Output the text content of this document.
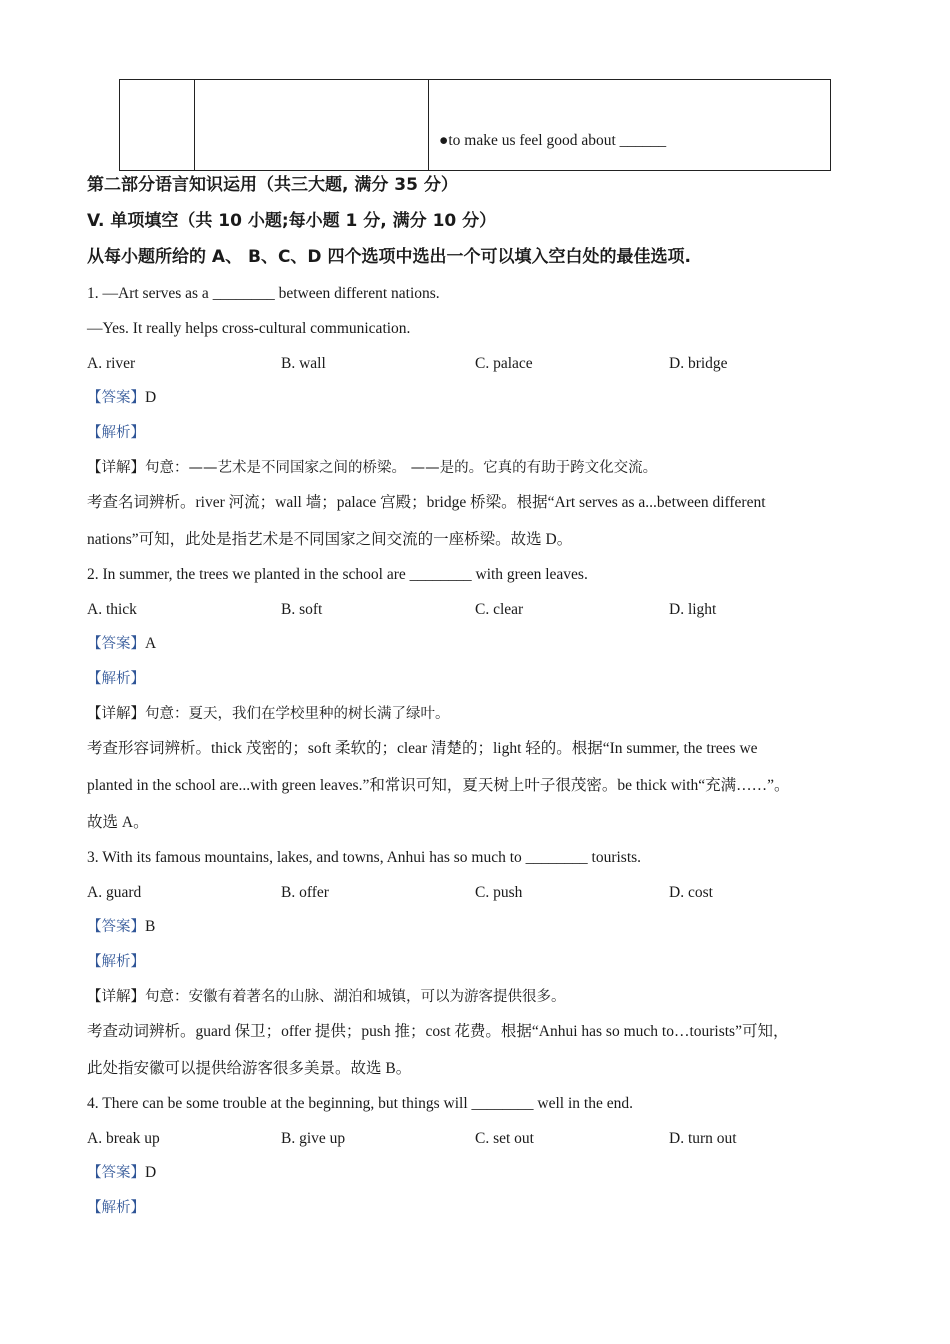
		●to make us feel good about ______
第二部分语言知识运用（共三大题, 满分 35 分）
V. 单项填空（共 10 小题;每小题 1 分, 满分 10 分）
从每小题所给的 A、 B、C、D 四个选项中选出一个可以填入空白处的最佳选项.
1. —Art serves as a ________ between different nations.
—Yes. It really helps cross-cultural communication.
A. river	B. wall	C. palace	D. bridge
【答案】D
【解析】
【详解】句意：——艺术是不同国家之间的桥梁。 ——是的。它真的有助于跨文化交流。
考查名词辨析。river 河流；wall 墙；palace 宫殿；bridge 桥梁。根据“Art serves as a...between different
nations”可知，此处是指艺术是不同国家之间交流的一座桥梁。故选 D。
2. In summer, the trees we planted in the school are ________ with green leaves.
A. thick	B. soft	C. clear	D. light
【答案】A
【解析】
【详解】句意：夏天，我们在学校里种的树长满了绿叶。
考查形容词辨析。thick 茂密的；soft 柔软的；clear 清楚的；light 轻的。根据“In summer, the trees we
planted in the school are...with green leaves.”和常识可知，夏天树上叶子很茂密。be thick with“充满……”。
故选 A。
3. With its famous mountains, lakes, and towns, Anhui has so much to ________ tourists.
A. guard	B. offer	C. push	D. cost
【答案】B
【解析】
【详解】句意：安徽有着著名的山脉、湖泊和城镇，可以为游客提供很多。
考查动词辨析。guard 保卫；offer 提供；push 推；cost 花费。根据“Anhui has so much to…tourists”可知，
此处指安徽可以提供给游客很多美景。故选 B。
4. There can be some trouble at the beginning, but things will ________ well in the end.
A. break up	B. give up	C. set out	D. turn out
【答案】D
【解析】
